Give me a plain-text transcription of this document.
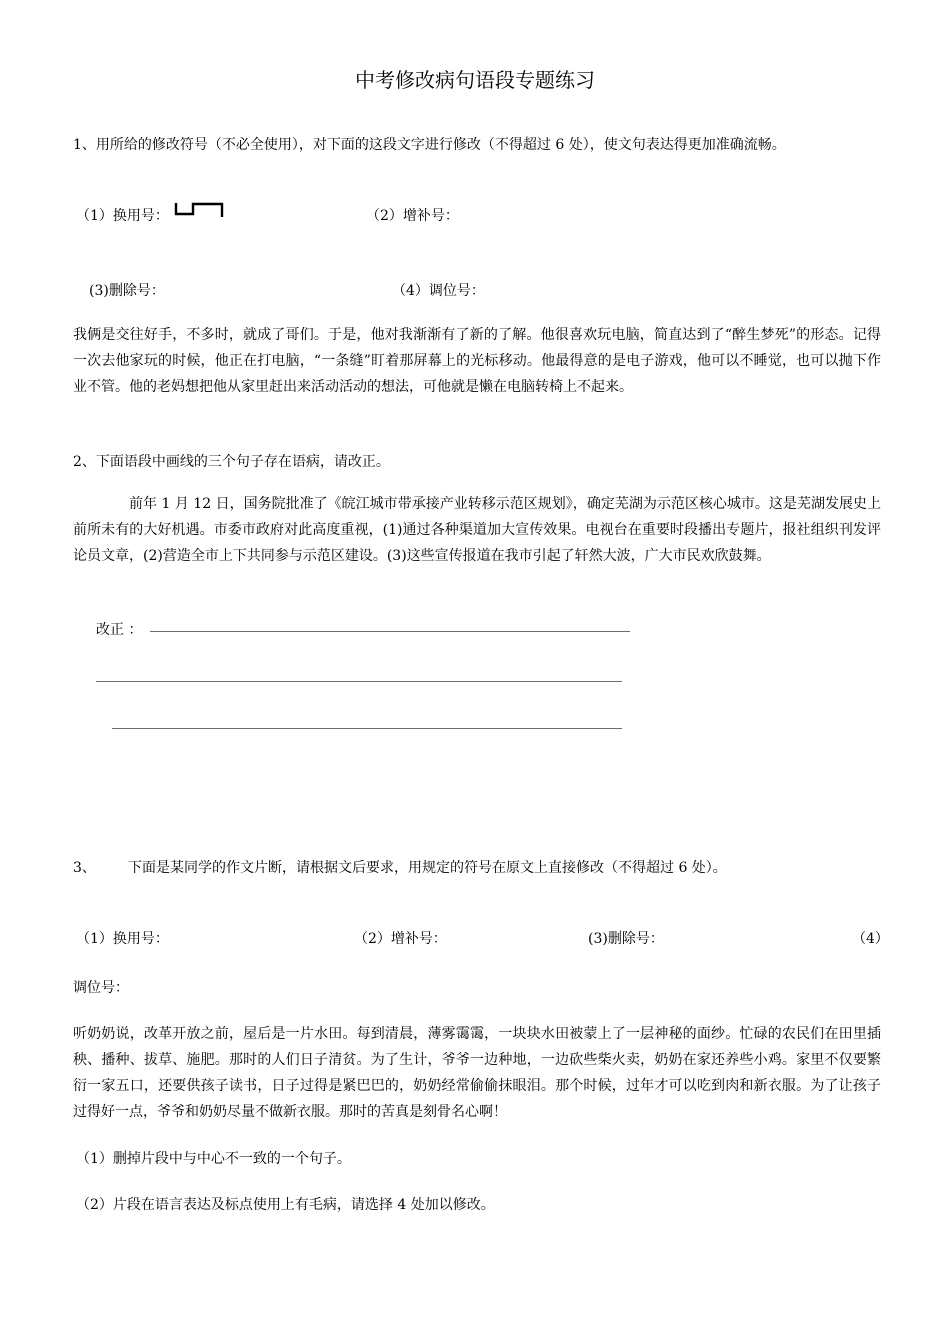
中考修改病句语段专题练习
1、用所给的修改符号（不必全使用），对下面的这段文字进行修改（不得超过 6 处），使文句表达得更加准确流畅。
（1）换用号：	（2）增补号：
(3)删除号：	（4）调位号：
我俩是交往好手，不多时，就成了哥们。于是，他对我渐渐有了新的了解。他很喜欢玩电脑，简直达到了“醉生梦死”的形态。记得一次去他家玩的时候，他正在打电脑，“一条缝”盯着那屏幕上的光标移动。他最得意的是电子游戏，他可以不睡觉，也可以抛下作业不管。他的老妈想把他从家里赶出来活动活动的想法，可他就是懒在电脑转椅上不起来。
2、下面语段中画线的三个句子存在语病，请改正。
前年 1 月 12 日，国务院批准了《皖江城市带承接产业转移示范区规划》，确定芜湖为示范区核心城市。这是芜湖发展史上前所未有的大好机遇。市委市政府对此高度重视，(1)通过各种渠道加大宣传效果。电视台在重要时段播出专题片，报社组织刊发评论员文章，(2)营造全市上下共同参与示范区建设。(3)这些宣传报道在我市引起了轩然大波，广大市民欢欣鼓舞。
改正 ：
3、 下面是某同学的作文片断，请根据文后要求，用规定的符号在原文上直接修改（不得超过 6 处）。
（1）换用号：	（2）增补号：	(3)删除号：	（4）
调位号：
听奶奶说，改革开放之前，屋后是一片水田。每到清晨，薄雾霭霭，一块块水田被蒙上了一层神秘的面纱。忙碌的农民们在田里插秧、播种、拔草、施肥。那时的人们日子清贫。为了生计，爷爷一边种地，一边砍些柴火卖，奶奶在家还养些小鸡。家里不仅要繁衍一家五口，还要供孩子读书，日子过得是紧巴巴的，奶奶经常偷偷抹眼泪。那个时候，过年才可以吃到肉和新衣服。为了让孩子过得好一点，爷爷和奶奶尽量不做新衣服。那时的苦真是刻骨名心啊！
（1）删掉片段中与中心不一致的一个句子。
（2）片段在语言表达及标点使用上有毛病，请选择 4 处加以修改。
